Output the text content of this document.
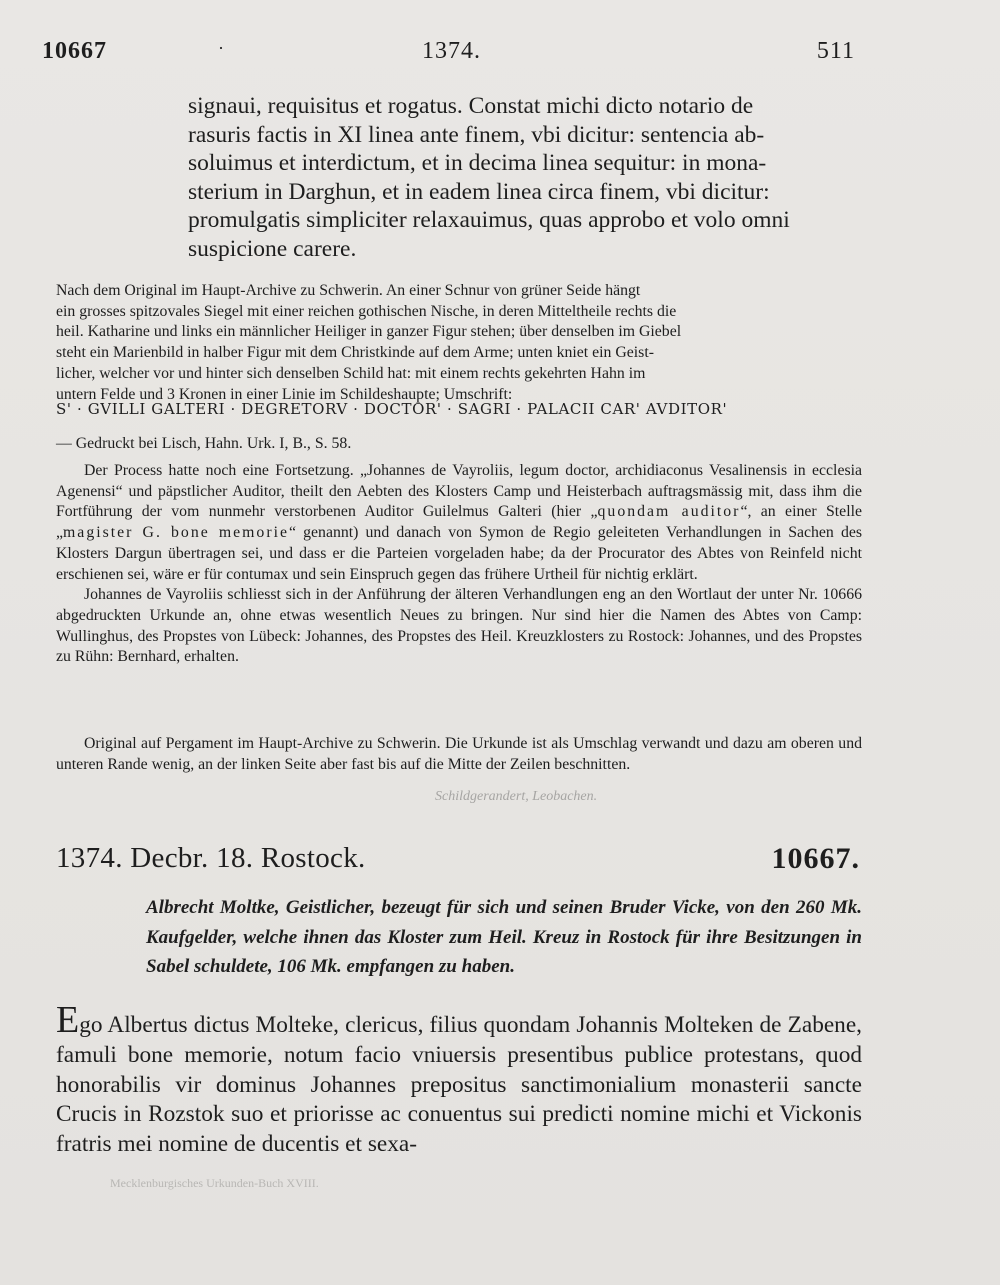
10667	·	1374.	511
signaui, requisitus et rogatus. Constat michi dicto notario de
rasuris factis in XI linea ante finem, vbi dicitur: sentencia ab-
soluimus et interdictum, et in decima linea sequitur: in mona-
sterium in Darghun, et in eadem linea circa finem, vbi dicitur:
promulgatis simpliciter relaxauimus, quas approbo et volo omni
suspicione carere.
Nach dem Original im Haupt-Archive zu Schwerin. An einer Schnur von grüner Seide hängt
ein grosses spitzovales Siegel mit einer reichen gothischen Nische, in deren Mitteltheile rechts die
heil. Katharine und links ein männlicher Heiliger in ganzer Figur stehen; über denselben im Giebel
steht ein Marienbild in halber Figur mit dem Christkinde auf dem Arme; unten kniet ein Geist-
licher, welcher vor und hinter sich denselben Schild hat: mit einem rechts gekehrten Hahn im
untern Felde und 3 Kronen in einer Linie im Schildeshaupte; Umschrift:
S' · GVILLI GALTERI · DEGRETORV · DOCTOR' · SAGRI · PALACII CAR' AVDITOR'
— Gedruckt bei Lisch, Hahn. Urk. I, B., S. 58.

Der Process hatte noch eine Fortsetzung. „Johannes de Vayroliis, legum doctor, archidiaconus Vesalinensis in ecclesia Agenensi“ und päpstlicher Auditor, theilt den Aebten des Klosters Camp und Heisterbach auftragsmässig mit, dass ihm die Fortführung der vom nunmehr verstorbenen Auditor Guilelmus Galteri (hier „quondam auditor“, an einer Stelle „magister G. bone memorie“ genannt) und danach von Symon de Regio geleiteten Verhandlungen in Sachen des Klosters Dargun übertragen sei, und dass er die Parteien vorgeladen habe; da der Procurator des Abtes von Reinfeld nicht erschienen sei, wäre er für contumax und sein Einspruch gegen das frühere Urtheil für nichtig erklärt.

Johannes de Vayroliis schliesst sich in der Anführung der älteren Verhandlungen eng an den Wortlaut der unter Nr. 10666 abgedruckten Urkunde an, ohne etwas wesentlich Neues zu bringen. Nur sind hier die Namen des Abtes von Camp: Wullinghus, des Propstes von Lübeck: Johannes, des Propstes des Heil. Kreuzklosters zu Rostock: Johannes, und des Propstes zu Rühn: Bernhard, erhalten.

Original auf Pergament im Haupt-Archive zu Schwerin. Die Urkunde ist als Umschlag verwandt und dazu am oberen und unteren Rande wenig, an der linken Seite aber fast bis auf die Mitte der Zeilen beschnitten.
Schildgerandert, Leobachen.
1374. Decbr. 18. Rostock.	10667.
Albrecht Moltke, Geistlicher, bezeugt für sich und seinen Bruder Vicke, von den 260 Mk. Kaufgelder, welche ihnen das Kloster zum Heil. Kreuz in Rostock für ihre Besitzungen in Sabel schuldete, 106 Mk. empfangen zu haben.
Ego Albertus dictus Molteke, clericus, filius quondam Johannis Molteken de Zabene, famuli bone memorie, notum facio vniuersis presentibus publice protestans, quod honorabilis vir dominus Johannes prepositus sanctimonialium monasterii sancte Crucis in Rozstok suo et priorisse ac conuentus sui predicti nomine michi et Vickonis fratris mei nomine de ducentis et sexa-
Mecklenburgisches Urkunden-Buch XVIII.
